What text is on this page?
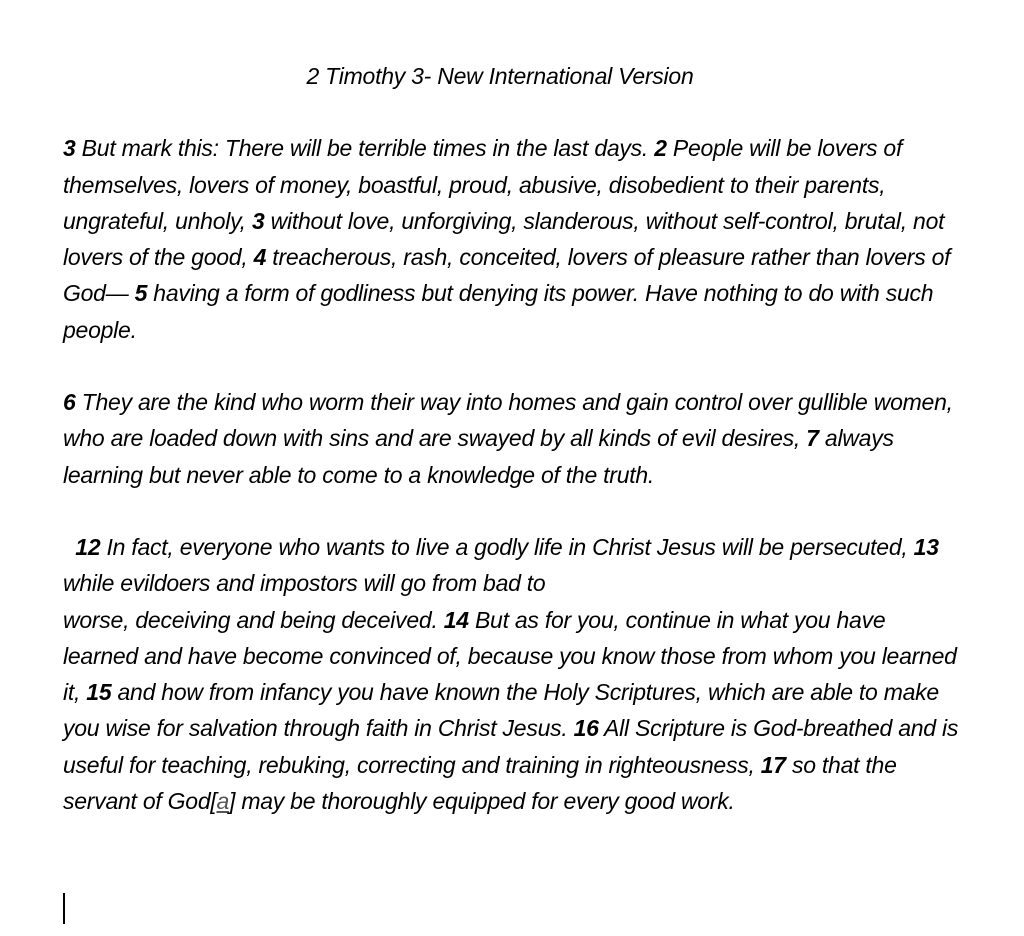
2 Timothy 3- New International Version

3 But mark this: There will be terrible times in the last days. 2 People will be lovers of themselves, lovers of money, boastful, proud, abusive, disobedient to their parents, ungrateful, unholy, 3 without love, unforgiving, slanderous, without self-control, brutal, not lovers of the good, 4 treacherous, rash, conceited, lovers of pleasure rather than lovers of God— 5 having a form of godliness but denying its power. Have nothing to do with such people.

6 They are the kind who worm their way into homes and gain control over gullible women, who are loaded down with sins and are swayed by all kinds of evil desires, 7 always learning but never able to come to a knowledge of the truth.

12 In fact, everyone who wants to live a godly life in Christ Jesus will be persecuted, 13 while evildoers and impostors will go from bad to
worse, deceiving and being deceived. 14 But as for you, continue in what you have learned and have become convinced of, because you know those from whom you learned it, 15 and how from infancy you have known the Holy Scriptures, which are able to make you wise for salvation through faith in Christ Jesus. 16 All Scripture is God-breathed and is useful for teaching, rebuking, correcting and training in righteousness, 17 so that the servant of God[a] may be thoroughly equipped for every good work.
